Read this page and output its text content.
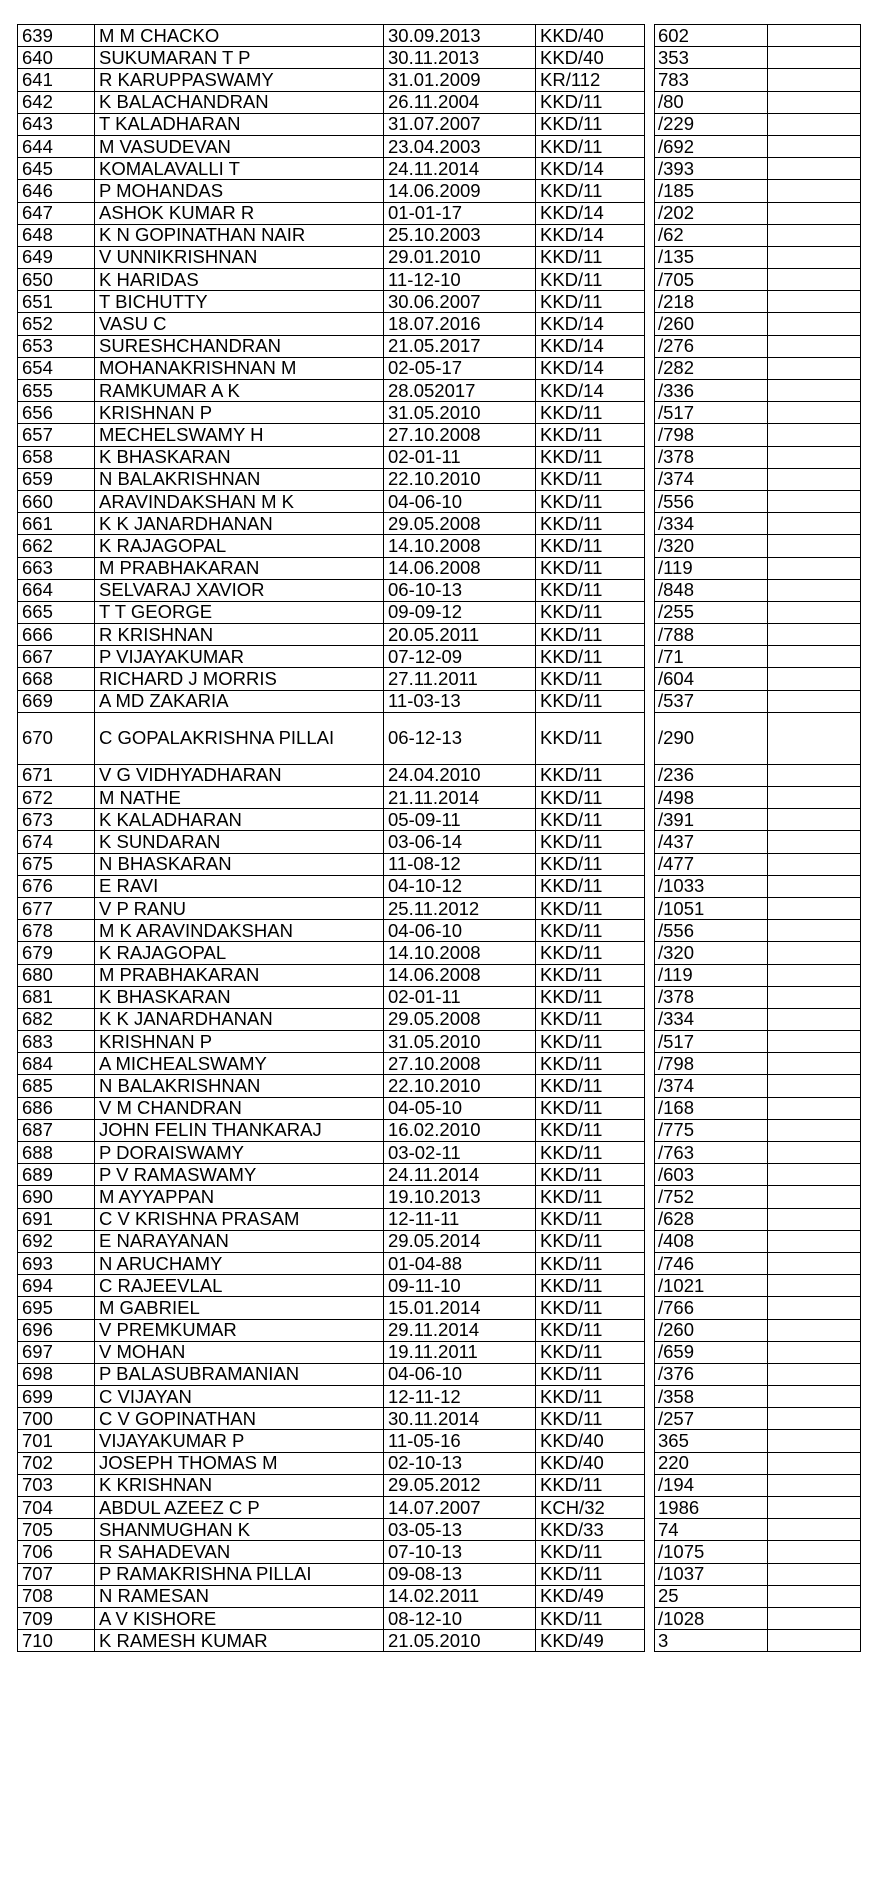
639	M M CHACKO	30.09.2013	KKD/40		602	
640	SUKUMARAN T P	30.11.2013	KKD/40		353	
641	R KARUPPASWAMY	31.01.2009	KR/112		783	
642	K BALACHANDRAN	26.11.2004	KKD/11		/80	
643	T KALADHARAN	31.07.2007	KKD/11		/229	
644	M VASUDEVAN	23.04.2003	KKD/11		/692	
645	KOMALAVALLI T	24.11.2014	KKD/14		/393	
646	P MOHANDAS	14.06.2009	KKD/11		/185	
647	ASHOK KUMAR R	01-01-17	KKD/14		/202	
648	K N GOPINATHAN NAIR	25.10.2003	KKD/14		/62	
649	V UNNIKRISHNAN	29.01.2010	KKD/11		/135	
650	K HARIDAS	11-12-10	KKD/11		/705	
651	T BICHUTTY	30.06.2007	KKD/11		/218	
652	VASU C	18.07.2016	KKD/14		/260	
653	SURESHCHANDRAN	21.05.2017	KKD/14		/276	
654	MOHANAKRISHNAN M	02-05-17	KKD/14		/282	
655	RAMKUMAR A K	28.052017	KKD/14		/336	
656	KRISHNAN P	31.05.2010	KKD/11		/517	
657	MECHELSWAMY H	27.10.2008	KKD/11		/798	
658	K BHASKARAN	02-01-11	KKD/11		/378	
659	N BALAKRISHNAN	22.10.2010	KKD/11		/374	
660	ARAVINDAKSHAN M K	04-06-10	KKD/11		/556	
661	K K JANARDHANAN	29.05.2008	KKD/11		/334	
662	K RAJAGOPAL	14.10.2008	KKD/11		/320	
663	M PRABHAKARAN	14.06.2008	KKD/11		/119	
664	SELVARAJ XAVIOR	06-10-13	KKD/11		/848	
665	T T GEORGE	09-09-12	KKD/11		/255	
666	R KRISHNAN	20.05.2011	KKD/11		/788	
667	P VIJAYAKUMAR	07-12-09	KKD/11		/71	
668	RICHARD J MORRIS	27.11.2011	KKD/11		/604	
669	A MD ZAKARIA	11-03-13	KKD/11		/537	
670	C GOPALAKRISHNA PILLAI	06-12-13	KKD/11		/290	
671	V G VIDHYADHARAN	24.04.2010	KKD/11		/236	
672	M NATHE	21.11.2014	KKD/11		/498	
673	K KALADHARAN	05-09-11	KKD/11		/391	
674	K SUNDARAN	03-06-14	KKD/11		/437	
675	N BHASKARAN	11-08-12	KKD/11		/477	
676	E RAVI	04-10-12	KKD/11		/1033	
677	V P RANU	25.11.2012	KKD/11		/1051	
678	M K ARAVINDAKSHAN	04-06-10	KKD/11		/556	
679	K RAJAGOPAL	14.10.2008	KKD/11		/320	
680	M PRABHAKARAN	14.06.2008	KKD/11		/119	
681	K BHASKARAN	02-01-11	KKD/11		/378	
682	K K JANARDHANAN	29.05.2008	KKD/11		/334	
683	KRISHNAN P	31.05.2010	KKD/11		/517	
684	A MICHEALSWAMY	27.10.2008	KKD/11		/798	
685	N BALAKRISHNAN	22.10.2010	KKD/11		/374	
686	V M CHANDRAN	04-05-10	KKD/11		/168	
687	JOHN FELIN THANKARAJ	16.02.2010	KKD/11		/775	
688	P DORAISWAMY	03-02-11	KKD/11		/763	
689	P V RAMASWAMY	24.11.2014	KKD/11		/603	
690	M AYYAPPAN	19.10.2013	KKD/11		/752	
691	C V KRISHNA PRASAM	12-11-11	KKD/11		/628	
692	E NARAYANAN	29.05.2014	KKD/11		/408	
693	N ARUCHAMY	01-04-88	KKD/11		/746	
694	C RAJEEVLAL	09-11-10	KKD/11		/1021	
695	M GABRIEL	15.01.2014	KKD/11		/766	
696	V PREMKUMAR	29.11.2014	KKD/11		/260	
697	V MOHAN	19.11.2011	KKD/11		/659	
698	P BALASUBRAMANIAN	04-06-10	KKD/11		/376	
699	C VIJAYAN	12-11-12	KKD/11		/358	
700	C V GOPINATHAN	30.11.2014	KKD/11		/257	
701	VIJAYAKUMAR P	11-05-16	KKD/40		365	
702	JOSEPH THOMAS M	02-10-13	KKD/40		220	
703	K KRISHNAN	29.05.2012	KKD/11		/194	
704	ABDUL AZEEZ C P	14.07.2007	KCH/32		1986	
705	SHANMUGHAN K	03-05-13	KKD/33		74	
706	R SAHADEVAN	07-10-13	KKD/11		/1075	
707	P RAMAKRISHNA PILLAI	09-08-13	KKD/11		/1037	
708	N RAMESAN	14.02.2011	KKD/49		25	
709	A V KISHORE	08-12-10	KKD/11		/1028	
710	K RAMESH KUMAR	21.05.2010	KKD/49		3	
